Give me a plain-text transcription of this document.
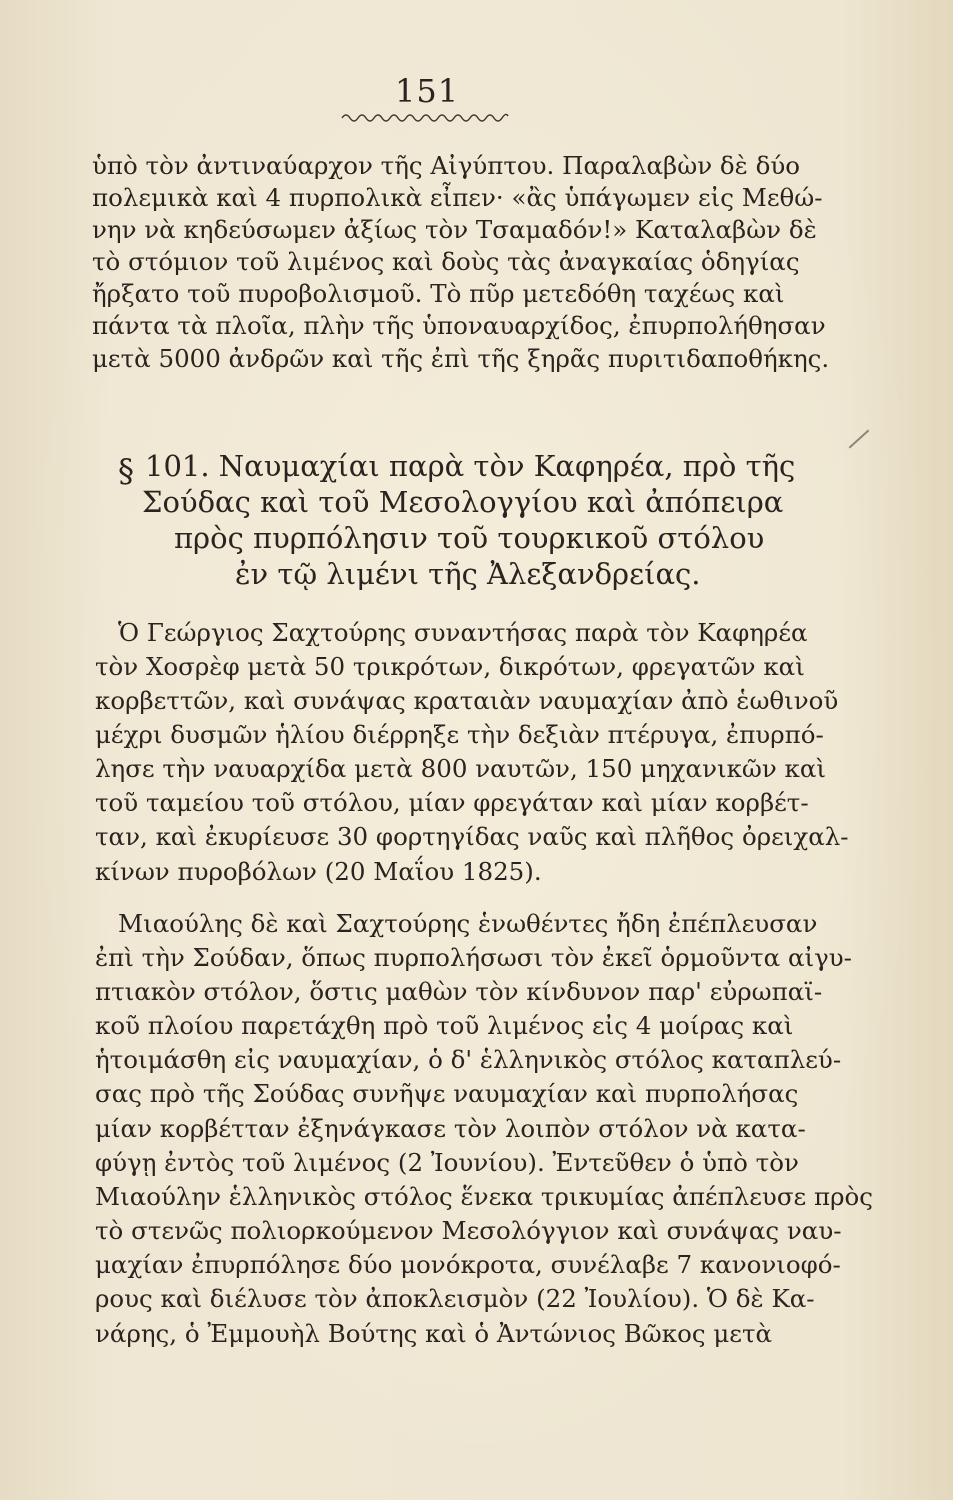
151
ὑπὸ τὸν ἀντιναύαρχον τῆς Αἰγύπτου. Παραλαβὼν δὲ δύο
πολεμικὰ καὶ 4 πυρπολικὰ εἶπεν· «ἂς ὑπάγωμεν εἰς Μεθώ-
νην νὰ κηδεύσωμεν ἀξίως τὸν Τσαμαδόν!» Καταλαβὼν δὲ
τὸ στόμιον τοῦ λιμένος καὶ δοὺς τὰς ἀναγκαίας ὁδηγίας
ἤρξατο τοῦ πυροβολισμοῦ. Τὸ πῦρ μετεδόθη ταχέως καὶ
πάντα τὰ πλοῖα, πλὴν τῆς ὑποναυαρχίδος, ἐπυρπολήθησαν
μετὰ 5000 ἀνδρῶν καὶ τῆς ἐπὶ τῆς ξηρᾶς πυριτιδαποθήκης.
§ 101. Ναυμαχίαι παρὰ τὸν Καφηρέα, πρὸ τῆς
Σούδας καὶ τοῦ Μεσολογγίου καὶ ἀπόπειρα
πρὸς πυρπόλησιν τοῦ τουρκικοῦ στόλου
ἐν τῷ λιμένι τῆς Ἀλεξανδρείας.
Ὁ Γεώργιος Σαχτούρης συναντήσας παρὰ τὸν Καφηρέα
τὸν Χοσρὲφ μετὰ 50 τρικρότων, δικρότων, φρεγατῶν καὶ
κορβεττῶν, καὶ συνάψας κραταιὰν ναυμαχίαν ἀπὸ ἑωθινοῦ
μέχρι δυσμῶν ἡλίου διέρρηξε τὴν δεξιὰν πτέρυγα, ἐπυρπό-
λησε τὴν ναυαρχίδα μετὰ 800 ναυτῶν, 150 μηχανικῶν καὶ
τοῦ ταμείου τοῦ στόλου, μίαν φρεγάταν καὶ μίαν κορβέτ-
ταν, καὶ ἐκυρίευσε 30 φορτηγίδας ναῦς καὶ πλῆθος ὀρειχαλ-
κίνων πυροβόλων (20 Μαΐου 1825).
Μιαούλης δὲ καὶ Σαχτούρης ἑνωθέντες ἤδη ἐπέπλευσαν
ἐπὶ τὴν Σούδαν, ὅπως πυρπολήσωσι τὸν ἐκεῖ ὁρμοῦντα αἰγυ-
πτιακὸν στόλον, ὅστις μαθὼν τὸν κίνδυνον παρ' εὐρωπαϊ-
κοῦ πλοίου παρετάχθη πρὸ τοῦ λιμένος εἰς 4 μοίρας καὶ
ἡτοιμάσθη εἰς ναυμαχίαν, ὁ δ' ἑλληνικὸς στόλος καταπλεύ-
σας πρὸ τῆς Σούδας συνῆψε ναυμαχίαν καὶ πυρπολήσας
μίαν κορβέτταν ἐξηνάγκασε τὸν λοιπὸν στόλον νὰ κατα-
φύγῃ ἐντὸς τοῦ λιμένος (2 Ἰουνίου). Ἐντεῦθεν ὁ ὑπὸ τὸν
Μιαούλην ἑλληνικὸς στόλος ἕνεκα τρικυμίας ἀπέπλευσε πρὸς
τὸ στενῶς πολιορκούμενον Μεσολόγγιον καὶ συνάψας ναυ-
μαχίαν ἐπυρπόλησε δύο μονόκροτα, συνέλαβε 7 κανονιοφό-
ρους καὶ διέλυσε τὸν ἀποκλεισμὸν (22 Ἰουλίου). Ὁ δὲ Κα-
νάρης, ὁ Ἐμμουὴλ Βούτης καὶ ὁ Ἀντώνιος Βῶκος μετὰ
